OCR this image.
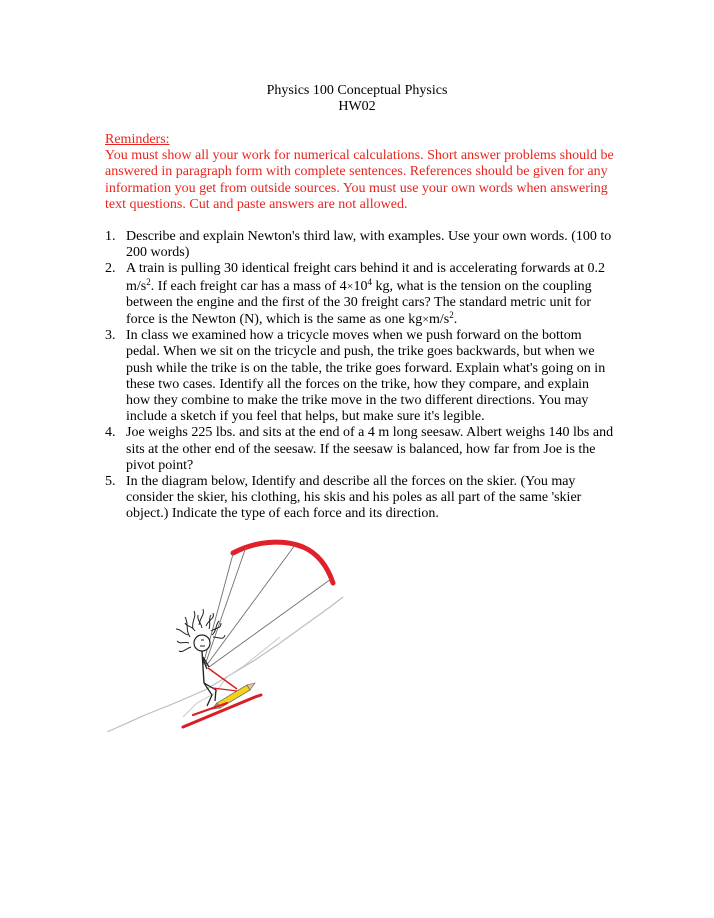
Physics 100 Conceptual Physics
HW02
Reminders:
You must show all your work for numerical calculations. Short answer problems should be answered in paragraph form with complete sentences. References should be given for any information you get from outside sources. You must use your own words when answering text questions. Cut and paste answers are not allowed.
1. Describe and explain Newton's third law, with examples. Use your own words. (100 to 200 words)
2. A train is pulling 30 identical freight cars behind it and is accelerating forwards at 0.2 $m/s^2$. If each freight car has a mass of $4\times 10^4$ kg, what is the tension on the coupling between the engine and the first of the 30 freight cars? The standard metric unit for force is the Newton (N), which is the same as one $kg\times m/s^2$.
3. In class we examined how a tricycle moves when we push forward on the bottom pedal. When we sit on the tricycle and push, the trike goes backwards, but when we push while the trike is on the table, the trike goes forward. Explain what's going on in these two cases. Identify all the forces on the trike, how they compare, and explain how they combine to make the trike move in the two different directions. You may include a sketch if you feel that helps, but make sure it's legible.
4. Joe weighs 225 lbs. and sits at the end of a 4 m long seesaw. Albert weighs 140 lbs and sits at the other end of the seesaw. If the seesaw is balanced, how far from Joe is the pivot point?
5. In the diagram below, Identify and describe all the forces on the skier. (You may consider the skier, his clothing, his skis and his poles as all part of the same 'skier object.) Indicate the type of each force and its direction.
